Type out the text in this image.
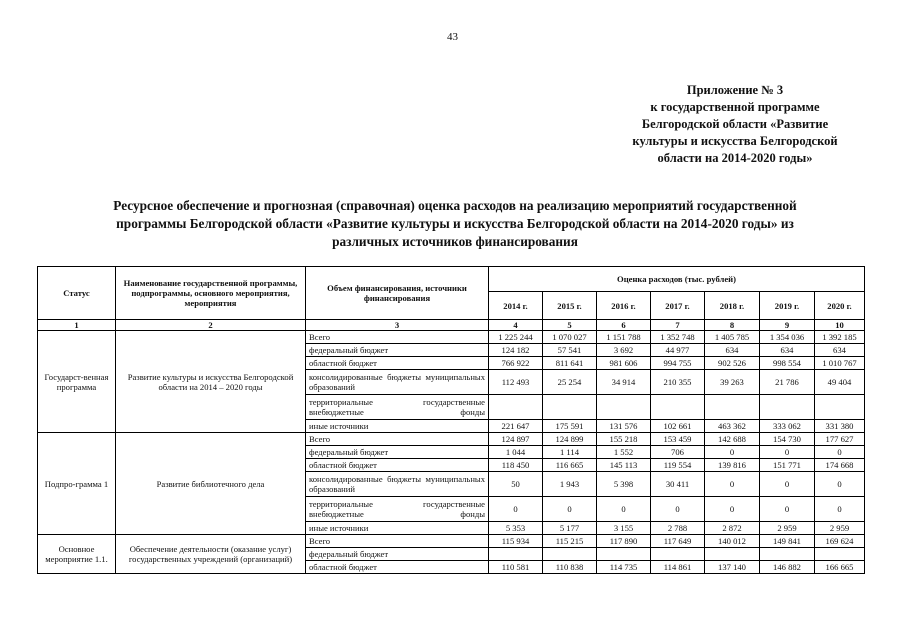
43
Приложение № 3
к государственной программе
Белгородской области «Развитие
культуры и искусства Белгородской
области на 2014-2020 годы»
Ресурсное обеспечение и прогнозная (справочная) оценка расходов на реализацию мероприятий государственной
программы Белгородской области «Развитие культуры и искусства Белгородской области на 2014-2020 годы» из
различных источников финансирования
Статус	Наименование государственной программы, подпрограммы, основного мероприятия, мероприятия	Объем финансирования, источники финансирования	Оценка расходов (тыс. рублей)						
			2014 г.	2015 г.	2016 г.	2017 г.	2018 г.	2019 г.	2020 г.
1	2	3	4	5	6	7	8	9	10
Государст-венная программа	Развитие культуры и искусства Белгородской области на 2014 – 2020 годы	Всего	1 225 244	1 070 027	1 151 788	1 352 748	1 405 785	1 354 036	1 392 185
		федеральный бюджет	124 182	57 541	3 692	44 977	634	634	634
		областной бюджет	766 922	811 641	981 606	994 755	902 526	998 554	1 010 767
		консолидированные бюджеты муниципальных образований	112 493	25 254	34 914	210 355	39 263	21 786	49 404
		территориальные государственные внебюджетные фонды							
		иные источники	221 647	175 591	131 576	102 661	463 362	333 062	331 380
Подпро-грамма 1	Развитие библиотечного дела	Всего	124 897	124 899	155 218	153 459	142 688	154 730	177 627
		федеральный бюджет	1 044	1 114	1 552	706	0	0	0
		областной бюджет	118 450	116 665	145 113	119 554	139 816	151 771	174 668
		консолидированные бюджеты муниципальных образований	50	1 943	5 398	30 411	0	0	0
		территориальные государственные внебюджетные фонды	0	0	0	0	0	0	0
		иные источники	5 353	5 177	3 155	2 788	2 872	2 959	2 959
Основное мероприятие 1.1.	Обеспечение деятельности (оказание услуг) государственных учреждений (организаций)	Всего	115 934	115 215	117 890	117 649	140 012	149 841	169 624
		федеральный бюджет							
		областной бюджет	110 581	110 838	114 735	114 861	137 140	146 882	166 665
